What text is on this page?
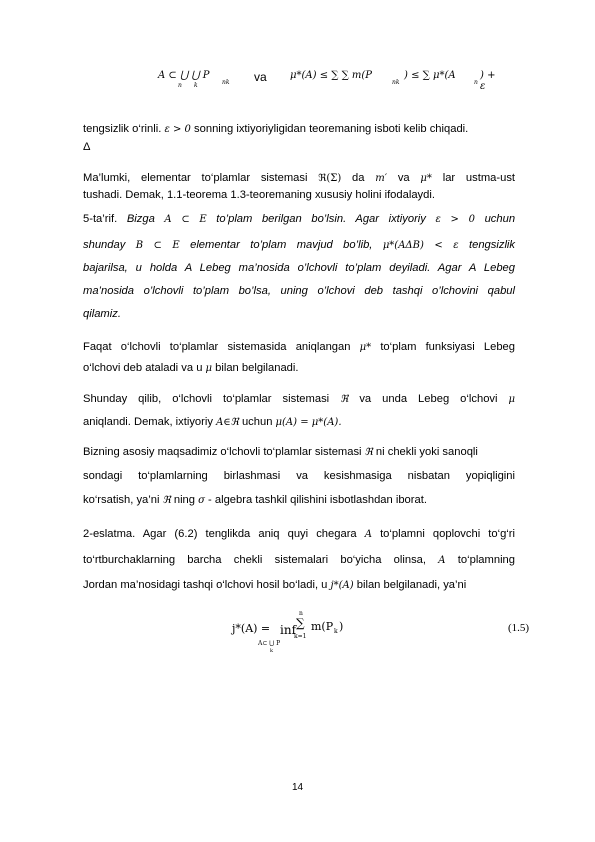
A ⊂ ⋃ ⋃ P
nk
n k
va μ*(A) ≤ ∑ ∑ m(P
nk
) ≤ ∑ μ*(A
n
) + ε
tengsizlik o‘rinli. ε > 0 sonning ixtiyoriyligidan teoremaning isboti kelib chiqadi.
Δ
Ma’lumki, elementar to‘plamlar sistemasi ℜ(Σ) da m′ va μ* lar ustma-ust
tushadi. Demak, 1.1-teorema 1.3-teoremaning xususiy holini ifodalaydi.
5-ta’rif. Bizga A ⊂ E to’plam berilgan bo’lsin. Agar ixtiyoriy ε > 0 uchun
shunday B ⊂ E elementar to’plam mavjud bo’lib, μ*(AΔB) < ε tengsizlik
bajarilsa, u holda A Lebeg ma’nosida o’lchovli to’plam deyiladi. Agar A Lebeg
ma’nosida o’lchovli to’plam bo’lsa, uning o’lchovi deb tashqi o’lchovini qabul
qilamiz.
Faqat o‘lchovli to‘plamlar sistemasida aniqlangan μ* to‘plam funksiyasi Lebeg
o‘lchovi deb ataladi va u μ bilan belgilanadi.
Shunday qilib, o‘lchovli to‘plamlar sistemasi ℜ va unda Lebeg o‘lchovi μ
aniqlandi. Demak, ixtiyoriy A∈ℜ uchun μ(A) = μ*(A).
Bizning asosiy maqsadimiz o‘lchovli to‘plamlar sistemasi ℜ ni chekli yoki sanoqli
sondagi to‘plamlarning birlashmasi va kesishmasiga nisbatan yopiqligini
ko‘rsatish, ya’ni ℜ ning σ - algebra tashkil qilishini isbotlashdan iborat.
2-eslatma. Agar (6.2) tenglikda aniq quyi chegara A to‘plamni qoplovchi to‘g‘ri
to‘rtburchaklarning barcha chekli sistemalari bo‘yicha olinsa, A to‘plamning
Jordan ma’nosidagi tashqi o‘lchovi hosil bo‘ladi, u j*(A) bilan belgilanadi, ya’ni
j*(A) = inf
A⊂ ⋃ P
k
n
∑
k=1
m(P k )	(1.5)
14
